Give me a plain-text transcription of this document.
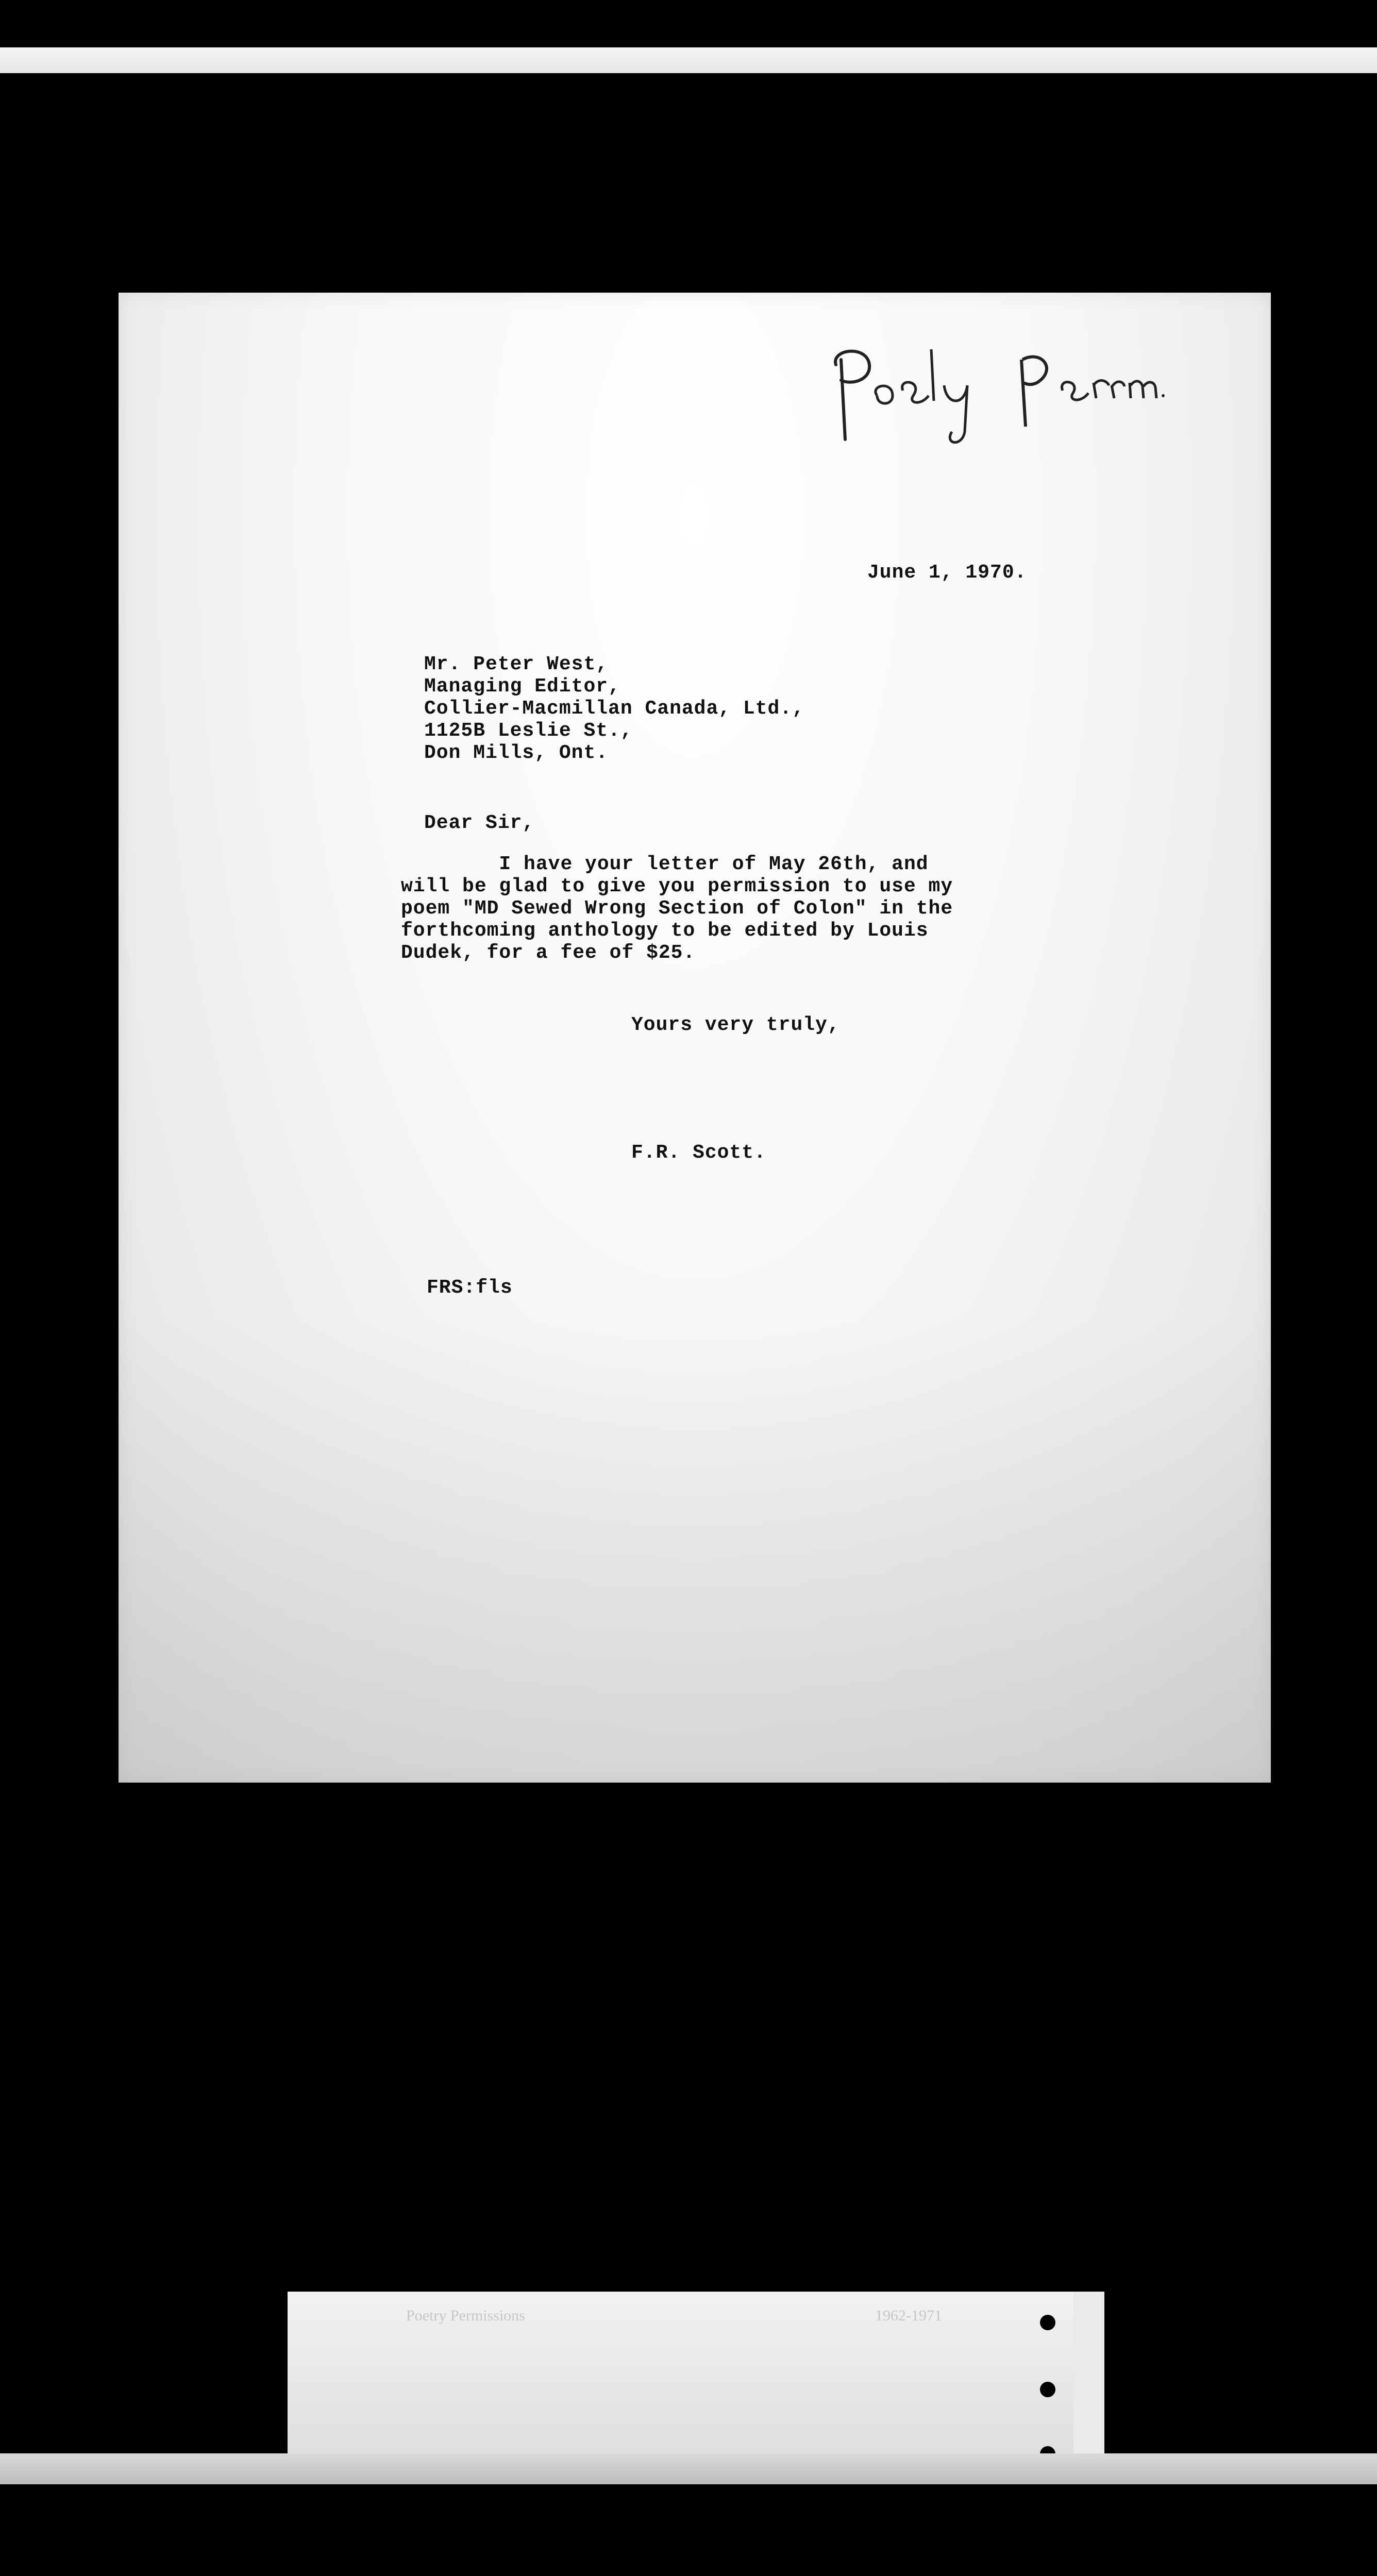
June 1, 1970.
Mr. Peter West,
Managing Editor,
Collier-Macmillan Canada, Ltd.,
1125B Leslie St.,
Don Mills, Ont.
Dear Sir,
I have your letter of May 26th, and
will be glad to give you permission to use my
poem "MD Sewed Wrong Section of Colon" in the
forthcoming anthology to be edited by Louis
Dudek, for a fee of $25.
Yours very truly,
F.R. Scott.
FRS:fls
Poetry Permissions	1962-1971
